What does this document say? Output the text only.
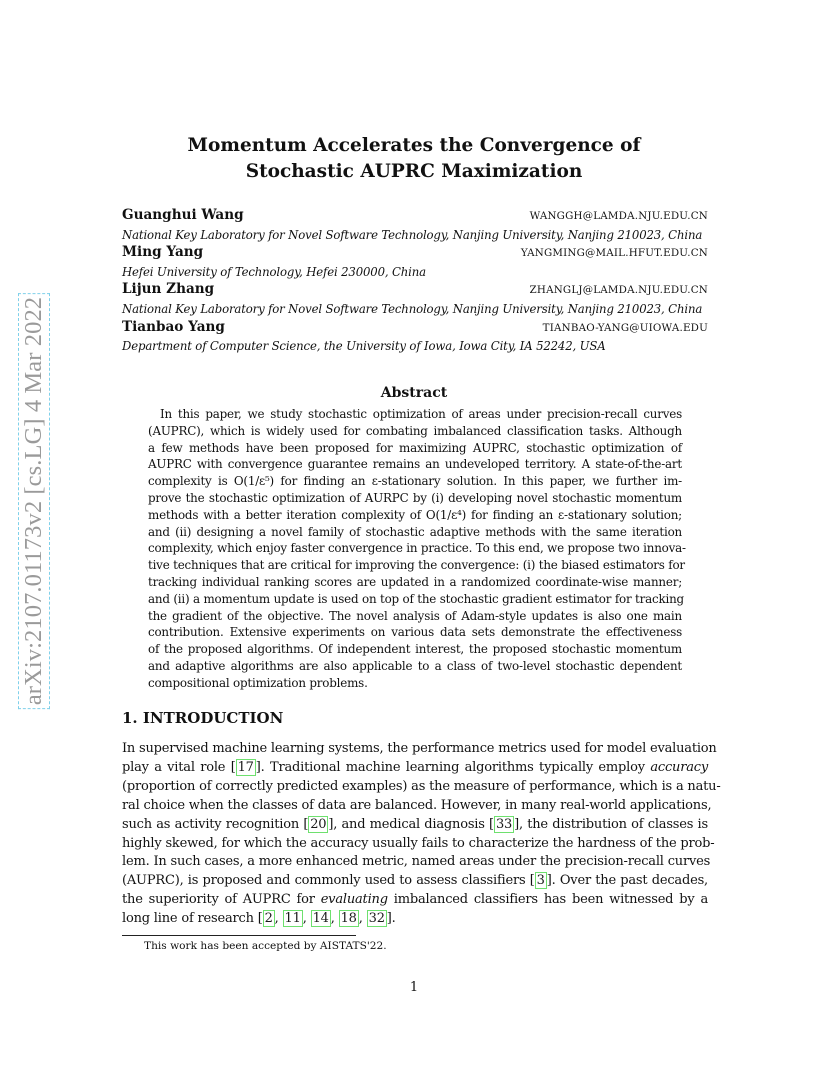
arXiv:2107.01173v2 [cs.LG] 4 Mar 2022
Momentum Accelerates the Convergence of
Stochastic AUPRC Maximization
Guanghui Wang	WANGGH@LAMDA.NJU.EDU.CN
National Key Laboratory for Novel Software Technology, Nanjing University, Nanjing 210023, China
Ming Yang	YANGMING@MAIL.HFUT.EDU.CN
Hefei University of Technology, Hefei 230000, China
Lijun Zhang	ZHANGLJ@LAMDA.NJU.EDU.CN
National Key Laboratory for Novel Software Technology, Nanjing University, Nanjing 210023, China
Tianbao Yang	TIANBAO-YANG@UIOWA.EDU
Department of Computer Science, the University of Iowa, Iowa City, IA 52242, USA
Abstract
In this paper, we study stochastic optimization of areas under precision-recall curves
(AUPRC), which is widely used for combating imbalanced classification tasks. Although
a few methods have been proposed for maximizing AUPRC, stochastic optimization of
AUPRC with convergence guarantee remains an undeveloped territory. A state-of-the-art
complexity is O(1/ε⁵) for finding an ε-stationary solution. In this paper, we further im-
prove the stochastic optimization of AURPC by (i) developing novel stochastic momentum
methods with a better iteration complexity of O(1/ε⁴) for finding an ε-stationary solution;
and (ii) designing a novel family of stochastic adaptive methods with the same iteration
complexity, which enjoy faster convergence in practice. To this end, we propose two innova-
tive techniques that are critical for improving the convergence: (i) the biased estimators for
tracking individual ranking scores are updated in a randomized coordinate-wise manner;
and (ii) a momentum update is used on top of the stochastic gradient estimator for tracking
the gradient of the objective. The novel analysis of Adam-style updates is also one main
contribution. Extensive experiments on various data sets demonstrate the effectiveness
of the proposed algorithms. Of independent interest, the proposed stochastic momentum
and adaptive algorithms are also applicable to a class of two-level stochastic dependent
compositional optimization problems.
1. INTRODUCTION
In supervised machine learning systems, the performance metrics used for model evaluation
play a vital role [ 17 ]. Traditional machine learning algorithms typically employ accuracy
(proportion of correctly predicted examples) as the measure of performance, which is a natu-
ral choice when the classes of data are balanced. However, in many real-world applications,
such as activity recognition [ 20 ], and medical diagnosis [ 33 ], the distribution of classes is
highly skewed, for which the accuracy usually fails to characterize the hardness of the prob-
lem. In such cases, a more enhanced metric, named areas under the precision-recall curves
(AUPRC), is proposed and commonly used to assess classifiers [ 3 ]. Over the past decades,
the superiority of AUPRC for evaluating imbalanced classifiers has been witnessed by a
long line of research [ 2 , 11 , 14 , 18 , 32 ].
This work has been accepted by AISTATS'22.
1
